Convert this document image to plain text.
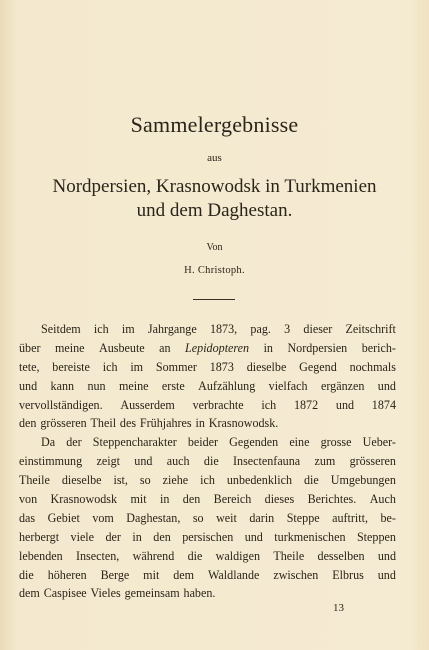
Sammelergebnisse
aus
Nordpersien, Krasnowodsk in Turkmenien
und dem Daghestan.
Von
H. Christoph.
Seitdem ich im Jahrgange 1873, pag. 3 dieser Zeitschrift
über meine Ausbeute an Lepidopteren in Nordpersien berich-
tete, bereiste ich im Sommer 1873 dieselbe Gegend nochmals
und kann nun meine erste Aufzählung vielfach ergänzen und
vervollständigen. Ausserdem verbrachte ich 1872 und 1874
den grösseren Theil des Frühjahres in Krasnowodsk.
Da der Steppencharakter beider Gegenden eine grosse Ueber-
einstimmung zeigt und auch die Insectenfauna zum grösseren
Theile dieselbe ist, so ziehe ich unbedenklich die Umgebungen
von Krasnowodsk mit in den Bereich dieses Berichtes. Auch
das Gebiet vom Daghestan, so weit darin Steppe auftritt, be-
herbergt viele der in den persischen und turkmenischen Steppen
lebenden Insecten, während die waldigen Theile desselben und
die höheren Berge mit dem Waldlande zwischen Elbrus und
dem Caspisee Vieles gemeinsam haben.
13
